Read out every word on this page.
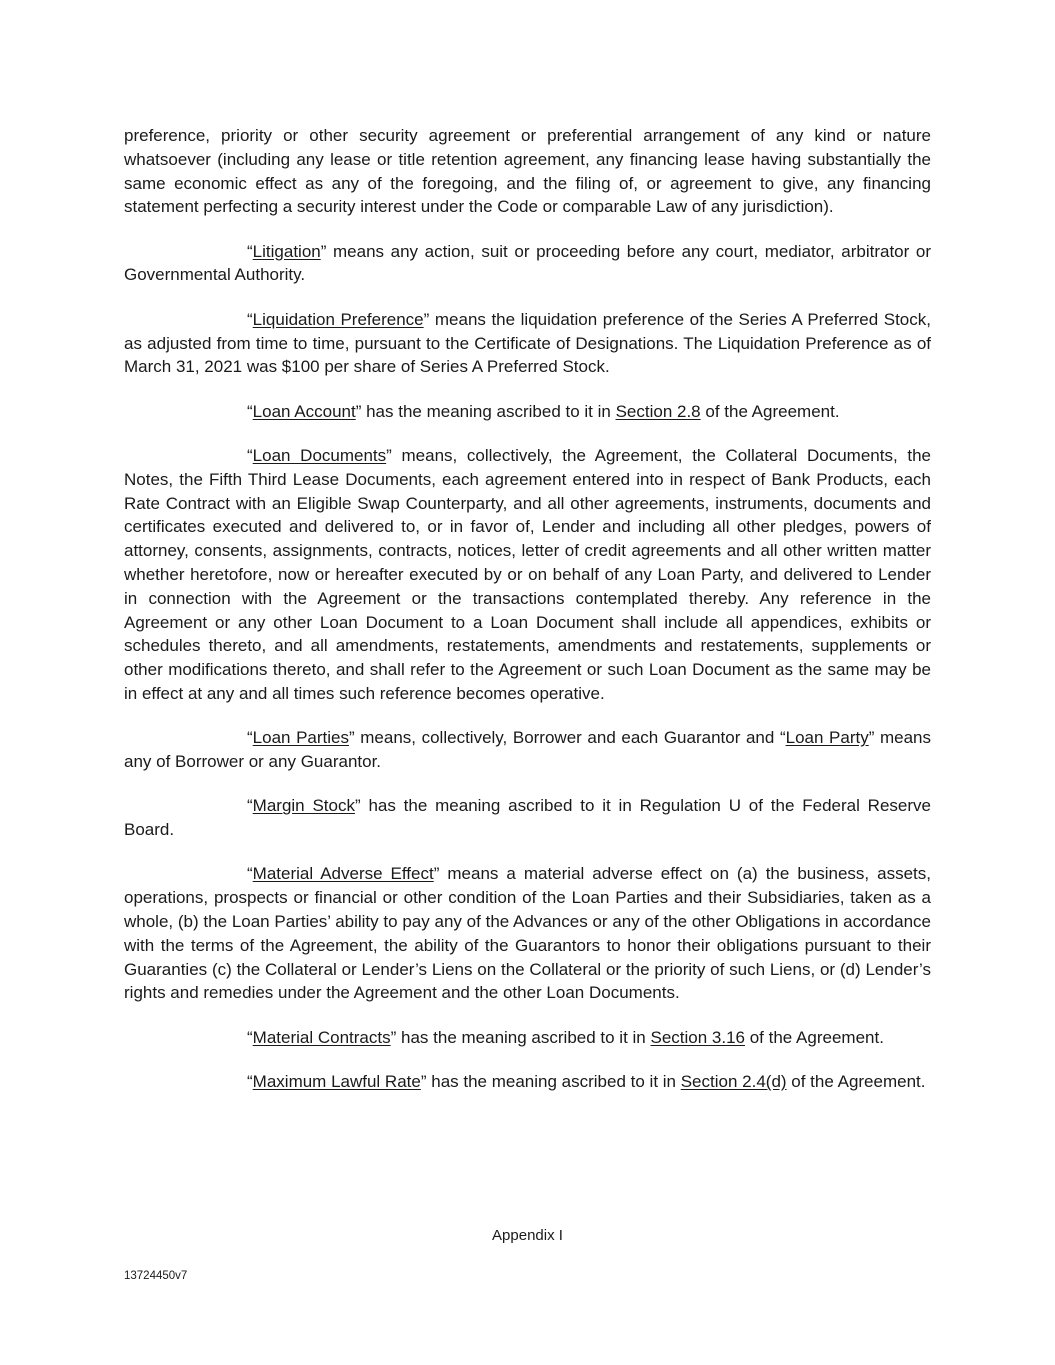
preference, priority or other security agreement or preferential arrangement of any kind or nature whatsoever (including any lease or title retention agreement, any financing lease having substantially the same economic effect as any of the foregoing, and the filing of, or agreement to give, any financing statement perfecting a security interest under the Code or comparable Law of any jurisdiction).

“Litigation” means any action, suit or proceeding before any court, mediator, arbitrator or Governmental Authority.

“Liquidation Preference” means the liquidation preference of the Series A Preferred Stock, as adjusted from time to time, pursuant to the Certificate of Designations. The Liquidation Preference as of March 31, 2021 was $100 per share of Series A Preferred Stock.

“Loan Account” has the meaning ascribed to it in Section 2.8 of the Agreement.

“Loan Documents” means, collectively, the Agreement, the Collateral Documents, the Notes, the Fifth Third Lease Documents, each agreement entered into in respect of Bank Products, each Rate Contract with an Eligible Swap Counterparty, and all other agreements, instruments, documents and certificates executed and delivered to, or in favor of, Lender and including all other pledges, powers of attorney, consents, assignments, contracts, notices, letter of credit agreements and all other written matter whether heretofore, now or hereafter executed by or on behalf of any Loan Party, and delivered to Lender in connection with the Agreement or the transactions contemplated thereby. Any reference in the Agreement or any other Loan Document to a Loan Document shall include all appendices, exhibits or schedules thereto, and all amendments, restatements, amendments and restatements, supplements or other modifications thereto, and shall refer to the Agreement or such Loan Document as the same may be in effect at any and all times such reference becomes operative.

“Loan Parties” means, collectively, Borrower and each Guarantor and “Loan Party” means any of Borrower or any Guarantor.

“Margin Stock” has the meaning ascribed to it in Regulation U of the Federal Reserve Board.

“Material Adverse Effect” means a material adverse effect on (a) the business, assets, operations, prospects or financial or other condition of the Loan Parties and their Subsidiaries, taken as a whole, (b) the Loan Parties’ ability to pay any of the Advances or any of the other Obligations in accordance with the terms of the Agreement, the ability of the Guarantors to honor their obligations pursuant to their Guaranties (c) the Collateral or Lender’s Liens on the Collateral or the priority of such Liens, or (d) Lender’s rights and remedies under the Agreement and the other Loan Documents.

“Material Contracts” has the meaning ascribed to it in Section 3.16 of the Agreement.

“Maximum Lawful Rate” has the meaning ascribed to it in Section 2.4(d) of the Agreement.

Appendix I
13724450v7
